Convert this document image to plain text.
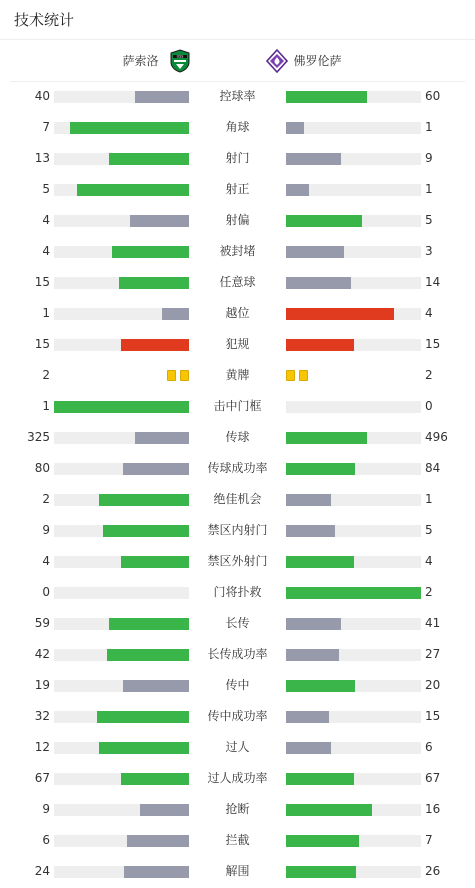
技术统计
萨索洛	USS	佛罗伦萨
40	控球率	60
7	角球	1
13	射门	9
5	射正	1
4	射偏	5
4	被封堵	3
15	任意球	14
1	越位	4
15	犯规	15
2	黄牌	2
1	击中门框	0
325	传球	496
80	传球成功率	84
2	绝佳机会	1
9	禁区内射门	5
4	禁区外射门	4
0	门将扑救	2
59	长传	41
42	长传成功率	27
19	传中	20
32	传中成功率	15
12	过人	6
67	过人成功率	67
9	抢断	16
6	拦截	7
24	解围	26
